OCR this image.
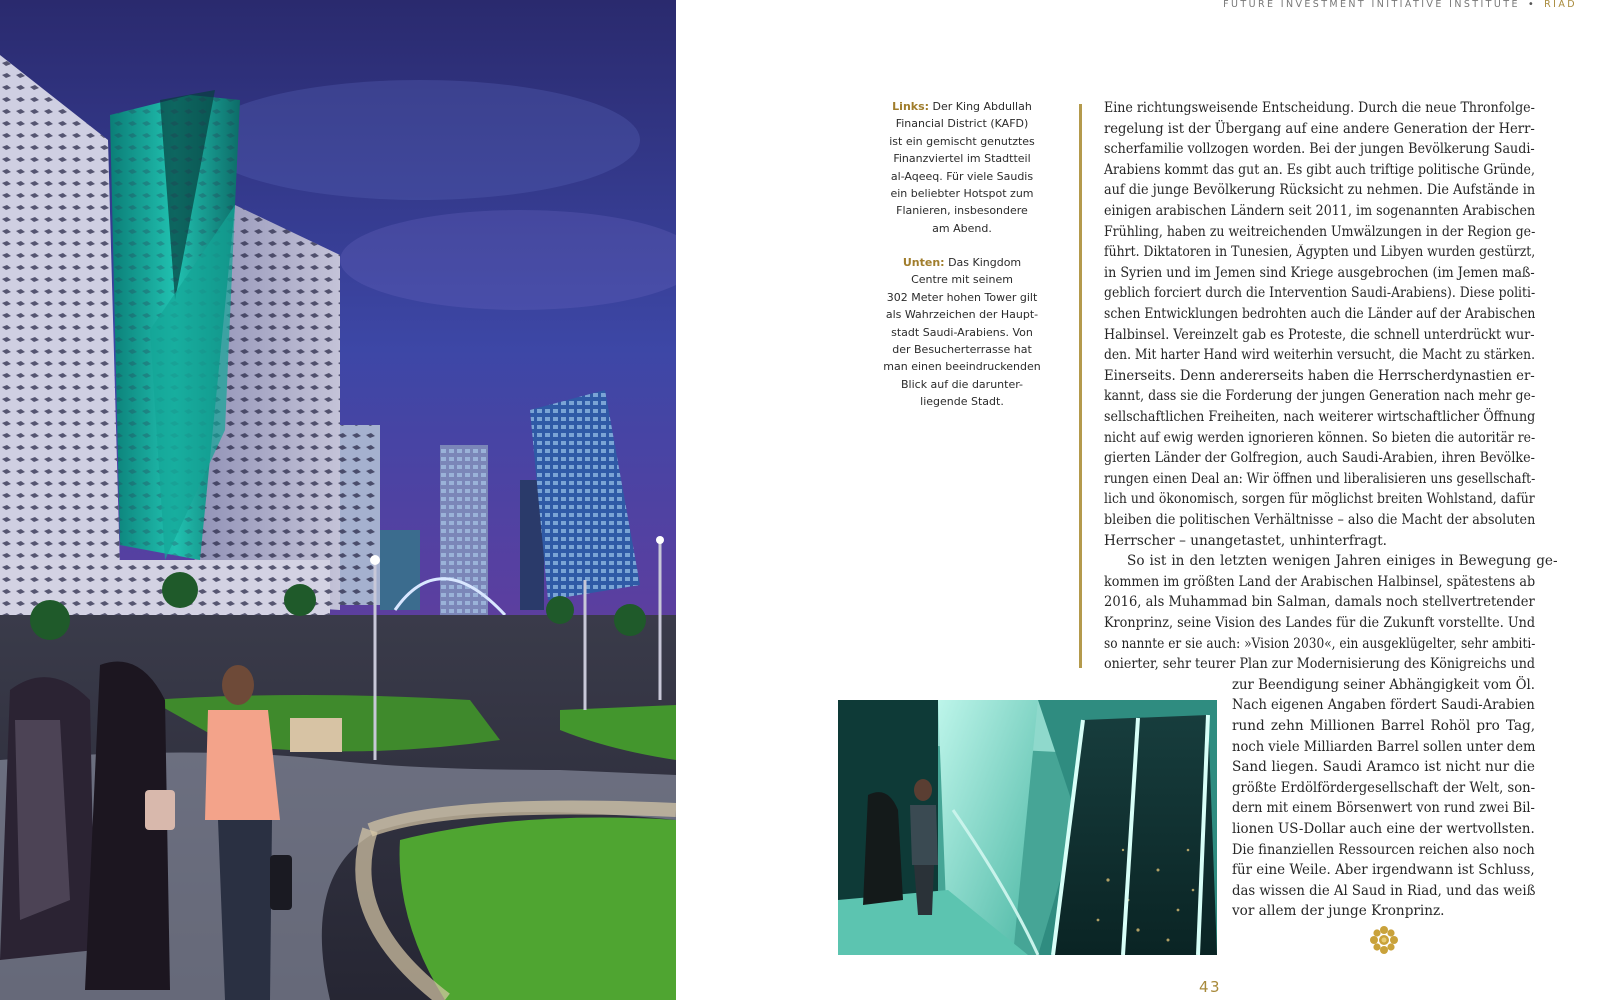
FUTURE INVESTMENT INITIATIVE INSTITUTE • RIAD
Links: Der King Abdullah
Financial District (KAFD)
ist ein gemischt genutztes
Finanzviertel im Stadtteil
al-Aqeeq. Für viele Saudis
ein beliebter Hotspot zum
Flanieren, insbesondere
am Abend.
Unten: Das Kingdom
Centre mit seinem
302 Meter hohen Tower gilt
als Wahrzeichen der Haupt-
stadt Saudi-Arabiens. Von
der Besucherterrasse hat
man einen beeindruckenden
Blick auf die darunter-
liegende Stadt.
Eine richtungsweisende Entscheidung. Durch die neue Thronfolge-
regelung ist der Übergang auf eine andere Generation der Herr-
scherfamilie vollzogen worden. Bei der jungen Bevölkerung Saudi-
Arabiens kommt das gut an. Es gibt auch triftige politische Gründe,
auf die junge Bevölkerung Rücksicht zu nehmen. Die Aufstände in
einigen arabischen Ländern seit 2011, im sogenannten Arabischen
Frühling, haben zu weitreichenden Umwälzungen in der Region ge-
führt. Diktatoren in Tunesien, Ägypten und Libyen wurden gestürzt,
in Syrien und im Jemen sind Kriege ausgebrochen (im Jemen maß-
geblich forciert durch die Intervention Saudi-Arabiens). Diese politi-
schen Entwicklungen bedrohten auch die Länder auf der Arabischen
Halbinsel. Vereinzelt gab es Proteste, die schnell unterdrückt wur-
den. Mit harter Hand wird weiterhin versucht, die Macht zu stärken.
Einerseits. Denn andererseits haben die Herrscherdynastien er-
kannt, dass sie die Forderung der jungen Generation nach mehr ge-
sellschaftlichen Freiheiten, nach weiterer wirtschaftlicher Öffnung
nicht auf ewig werden ignorieren können. So bieten die autoritär re-
gierten Länder der Golfregion, auch Saudi-Arabien, ihren Bevölke-
rungen einen Deal an: Wir öffnen und liberalisieren uns gesellschaft-
lich und ökonomisch, sorgen für möglichst breiten Wohlstand, dafür
bleiben die politischen Verhältnisse – also die Macht der absoluten
Herrscher – unangetastet, unhinterfragt.
So ist in den letzten wenigen Jahren einiges in Bewegung ge-
kommen im größten Land der Arabischen Halbinsel, spätestens ab
2016, als Muhammad bin Salman, damals noch stellvertretender
Kronprinz, seine Vision des Landes für die Zukunft vorstellte. Und
so nannte er sie auch: »Vision 2030«, ein ausgeklügelter, sehr ambiti-
onierter, sehr teurer Plan zur Modernisierung des Königreichs und
zur Beendigung seiner Abhängigkeit vom Öl.
Nach eigenen Angaben fördert Saudi-Arabien
rund zehn Millionen Barrel Rohöl pro Tag,
noch viele Milliarden Barrel sollen unter dem
Sand liegen. Saudi Aramco ist nicht nur die
größte Erdölfördergesellschaft der Welt, son-
dern mit einem Börsenwert von rund zwei Bil-
lionen US-Dollar auch eine der wertvollsten.
Die finanziellen Ressourcen reichen also noch
für eine Weile. Aber irgendwann ist Schluss,
das wissen die Al Saud in Riad, und das weiß
vor allem der junge Kronprinz.
43
